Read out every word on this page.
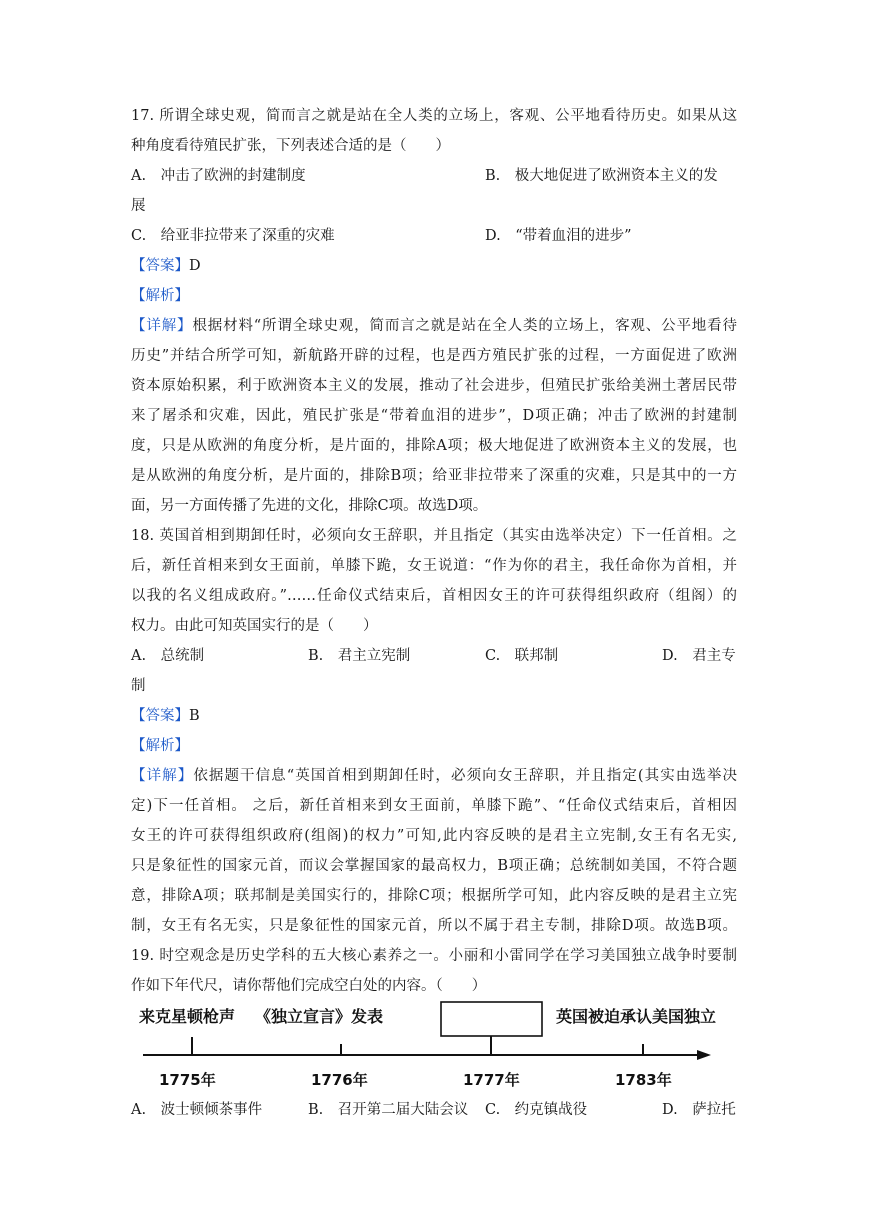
17. 所谓全球史观，简而言之就是站在全人类的立场上，客观、公平地看待历史。如果从这
种角度看待殖民扩张，下列表述合适的是（　　）
A.　冲击了欧洲的封建制度	B.　极大地促进了欧洲资本主义的发
展
C.　给亚非拉带来了深重的灾难	D.　“带着血泪的进步”
【答案】D
【解析】
【详解】根据材料“所谓全球史观，简而言之就是站在全人类的立场上，客观、公平地看待
历史”并结合所学可知，新航路开辟的过程，也是西方殖民扩张的过程，一方面促进了欧洲
资本原始积累，利于欧洲资本主义的发展，推动了社会进步，但殖民扩张给美洲土著居民带
来了屠杀和灾难，因此，殖民扩张是“带着血泪的进步”，D项正确；冲击了欧洲的封建制
度，只是从欧洲的角度分析，是片面的，排除A项；极大地促进了欧洲资本主义的发展，也
是从欧洲的角度分析，是片面的，排除B项；给亚非拉带来了深重的灾难，只是其中的一方
面，另一方面传播了先进的文化，排除C项。故选D项。
18. 英国首相到期卸任时，必须向女王辞职，并且指定（其实由选举决定）下一任首相。之
后，新任首相来到女王面前，单膝下跪，女王说道：“作为你的君主，我任命你为首相，并
以我的名义组成政府。”……任命仪式结束后，首相因女王的许可获得组织政府（组阁）的
权力。由此可知英国实行的是（　　）
A.　总统制	B.　君主立宪制	C.　联邦制	D.　君主专
制
【答案】B
【解析】
【详解】依据题干信息“英国首相到期卸任时，必须向女王辞职，并且指定(其实由选举决
定)下一任首相。 之后，新任首相来到女王面前，单膝下跪”、“任命仪式结束后，首相因
女王的许可获得组织政府(组阁)的权力”可知,此内容反映的是君主立宪制,女王有名无实,
只是象征性的国家元首，而议会掌握国家的最高权力，B项正确；总统制如美国，不符合题
意，排除A项；联邦制是美国实行的，排除C项；根据所学可知，此内容反映的是君主立宪
制，女王有名无实，只是象征性的国家元首，所以不属于君主专制，排除D项。故选B项。
19. 时空观念是历史学科的五大核心素养之一。小丽和小雷同学在学习美国独立战争时要制
作如下年代尺，请你帮他们完成空白处的内容。（　　）
来克星顿枪声 《独立宣言》发表	英国被迫承认美国独立
1775年	1776年	1777年	1783年
A.　波士顿倾茶事件	B.　召开第二届大陆会议 C.　约克镇战役	D.　萨拉托
